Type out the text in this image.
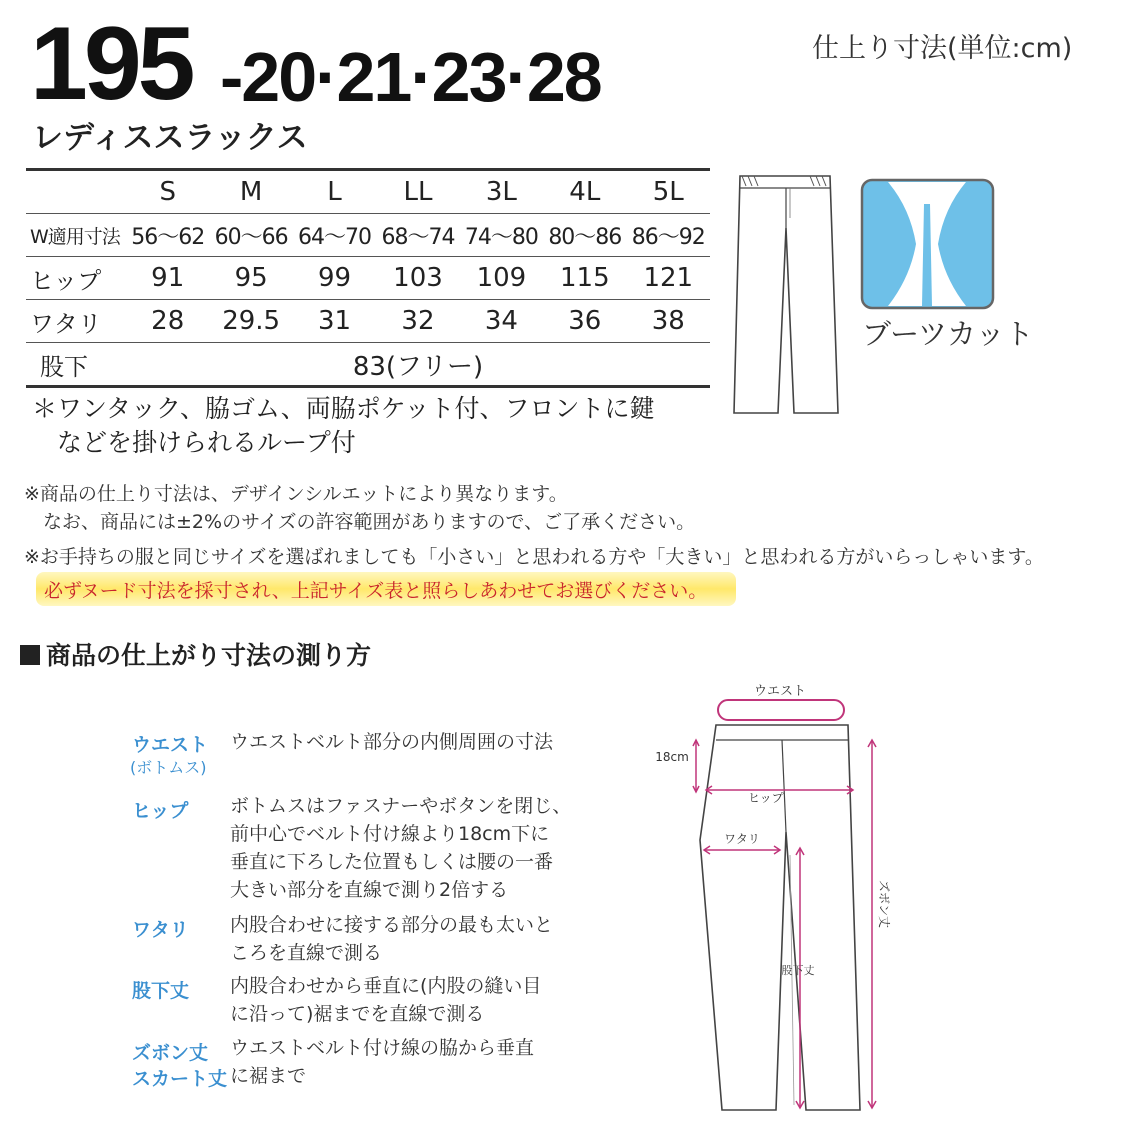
195 -20·21·23·28	仕上り寸法(単位:cm)
レディススラックス
	S	M	L	LL	3L	4L	5L
W適用寸法	56～62	60～66	64～70	68～74	74～80	80～86	86～92
ヒップ	91	95	99	103	109	115	121
ワタリ	28	29.5	31	32	34	36	38
股下	83(フリー)						
＊ワンタック、脇ゴム、両脇ポケット付、フロントに鍵
　などを掛けられるループ付
ブーツカット
※商品の仕上り寸法は、デザインシルエットにより異なります。
　なお、商品には±2%のサイズの許容範囲がありますので、ご了承ください。
※お手持ちの服と同じサイズを選ばれましても「小さい」と思われる方や「大きい」と思われる方がいらっしゃいます。
必ずヌード寸法を採寸され、上記サイズ表と照らしあわせてお選びください。
商品の仕上がり寸法の測り方
ウエスト
(ボトムス)
ウエストベルト部分の内側周囲の寸法
ヒップ ボトムスはファスナーやボタンを閉じ、
前中心でベルト付け線より18cm下に
垂直に下ろした位置もしくは腰の一番
大きい部分を直線で測り2倍する
ワタリ 内股合わせに接する部分の最も太いと
ころを直線で測る
股下丈 内股合わせから垂直に(内股の縫い目
に沿って)裾までを直線で測る
ズボン丈
スカート丈
ウエストベルト付け線の脇から垂直
に裾まで
ウエスト
18cm
ヒップ
ワタリ
股下丈
ズボン丈
